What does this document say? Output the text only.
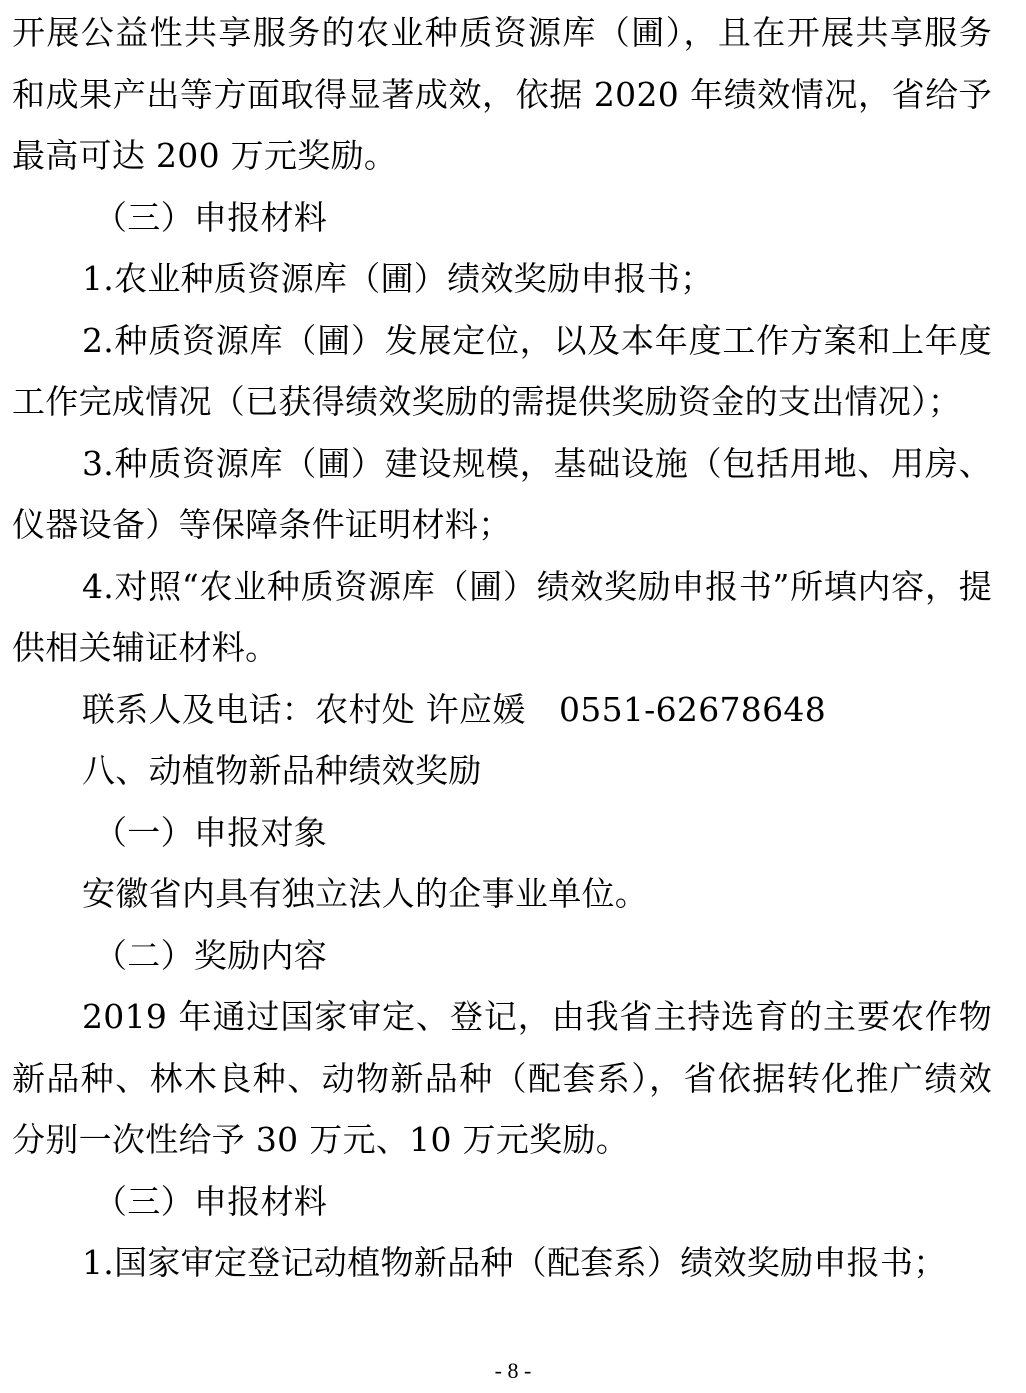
开展公益性共享服务的农业种质资源库（圃），且在开展共享服务和成果产出等方面取得显著成效，依据 2020 年绩效情况，省给予最高可达 200 万元奖励。

（三）申报材料

1.农业种质资源库（圃）绩效奖励申报书；

2.种质资源库（圃）发展定位，以及本年度工作方案和上年度工作完成情况（已获得绩效奖励的需提供奖励资金的支出情况）；

3.种质资源库（圃）建设规模，基础设施（包括用地、用房、仪器设备）等保障条件证明材料；

4.对照“农业种质资源库（圃）绩效奖励申报书”所填内容，提供相关辅证材料。

联系人及电话：农村处 许应媛　0551-62678648

八、动植物新品种绩效奖励

（一）申报对象

安徽省内具有独立法人的企事业单位。

（二）奖励内容

2019 年通过国家审定、登记，由我省主持选育的主要农作物新品种、林木良种、动物新品种（配套系），省依据转化推广绩效分别一次性给予 30 万元、10 万元奖励。

（三）申报材料

1.国家审定登记动植物新品种（配套系）绩效奖励申报书；

- 8 -
